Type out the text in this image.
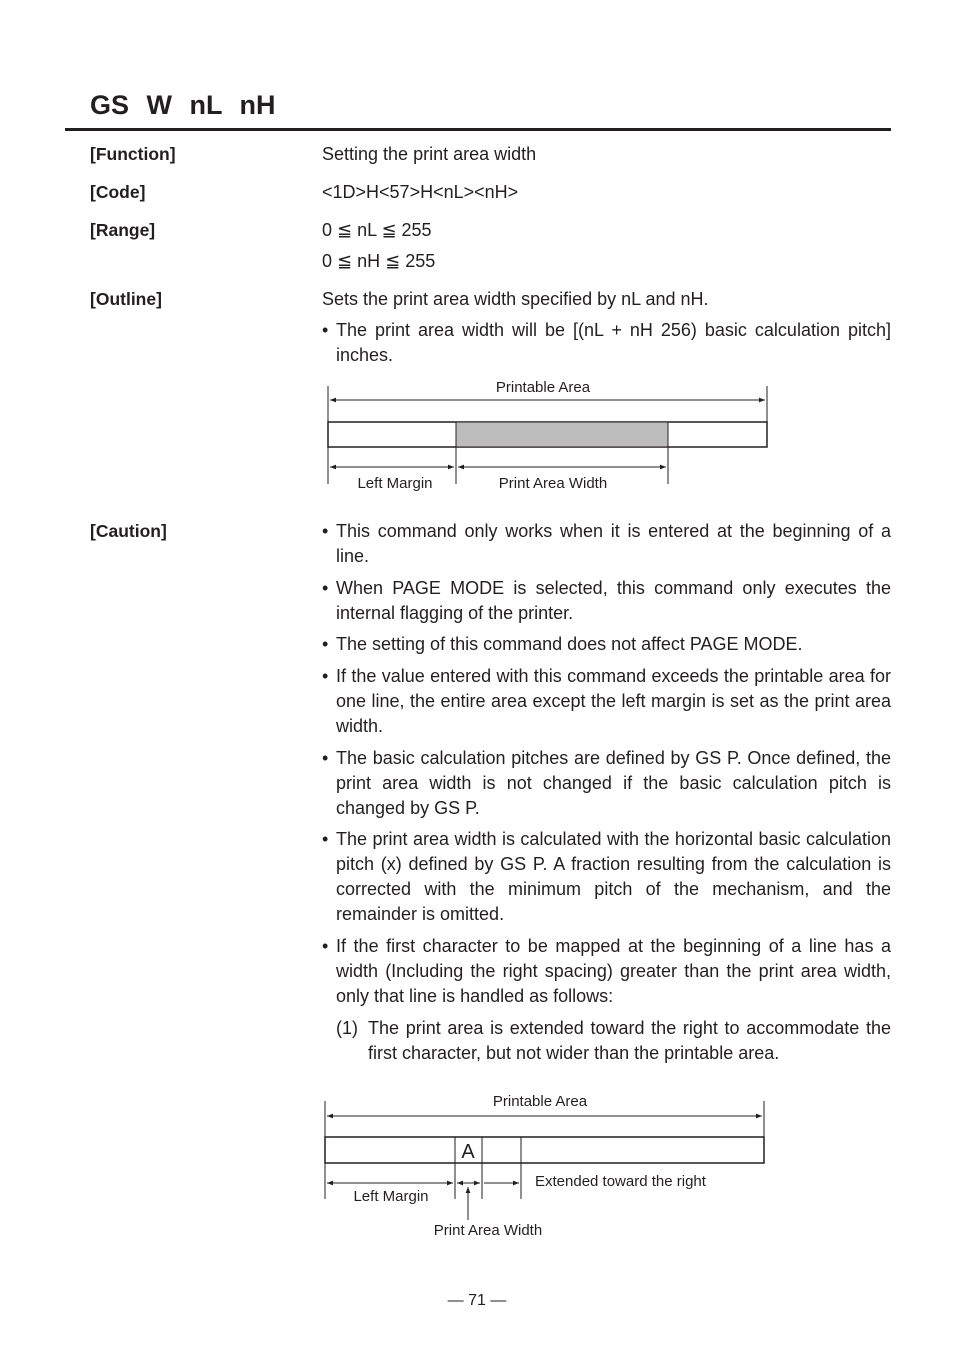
GS W nL nH
[Function]	Setting the print area width
[Code]	<1D>H<57>H<nL><nH>
[Range]	0 ≦ nL ≦ 255
0 ≦ nH ≦ 255
[Outline]	Sets the print area width specified by nL and nH.
• The print area width will be [(nL + nH 256) basic calculation pitch] inches.
Printable Area
Left Margin	Print Area Width
[Caution]
•	This command only works when it is entered at the beginning of a line.
• When PAGE MODE is selected, this command only executes the internal flagging of the printer.
• The setting of this command does not affect PAGE MODE.
• If the value entered with this command exceeds the printable area for one line, the entire area except the left margin is set as the print area width.
• The basic calculation pitches are defined by GS P. Once defined, the print area width is not changed if the basic calculation pitch is changed by GS P.
• The print area width is calculated with the horizontal basic calculation pitch (x) defined by GS P. A fraction resulting from the calculation is corrected with the minimum pitch of the mechanism, and the remainder is omitted.
• If the first character to be mapped at the beginning of a line has a width (Including the right spacing) greater than the print area width, only that line is handled as follows:
(1) The print area is extended toward the right to accommodate the first character, but not wider than the printable area.
A
Printable Area
Extended toward the right
Left Margin
Print Area Width
— 71 —
